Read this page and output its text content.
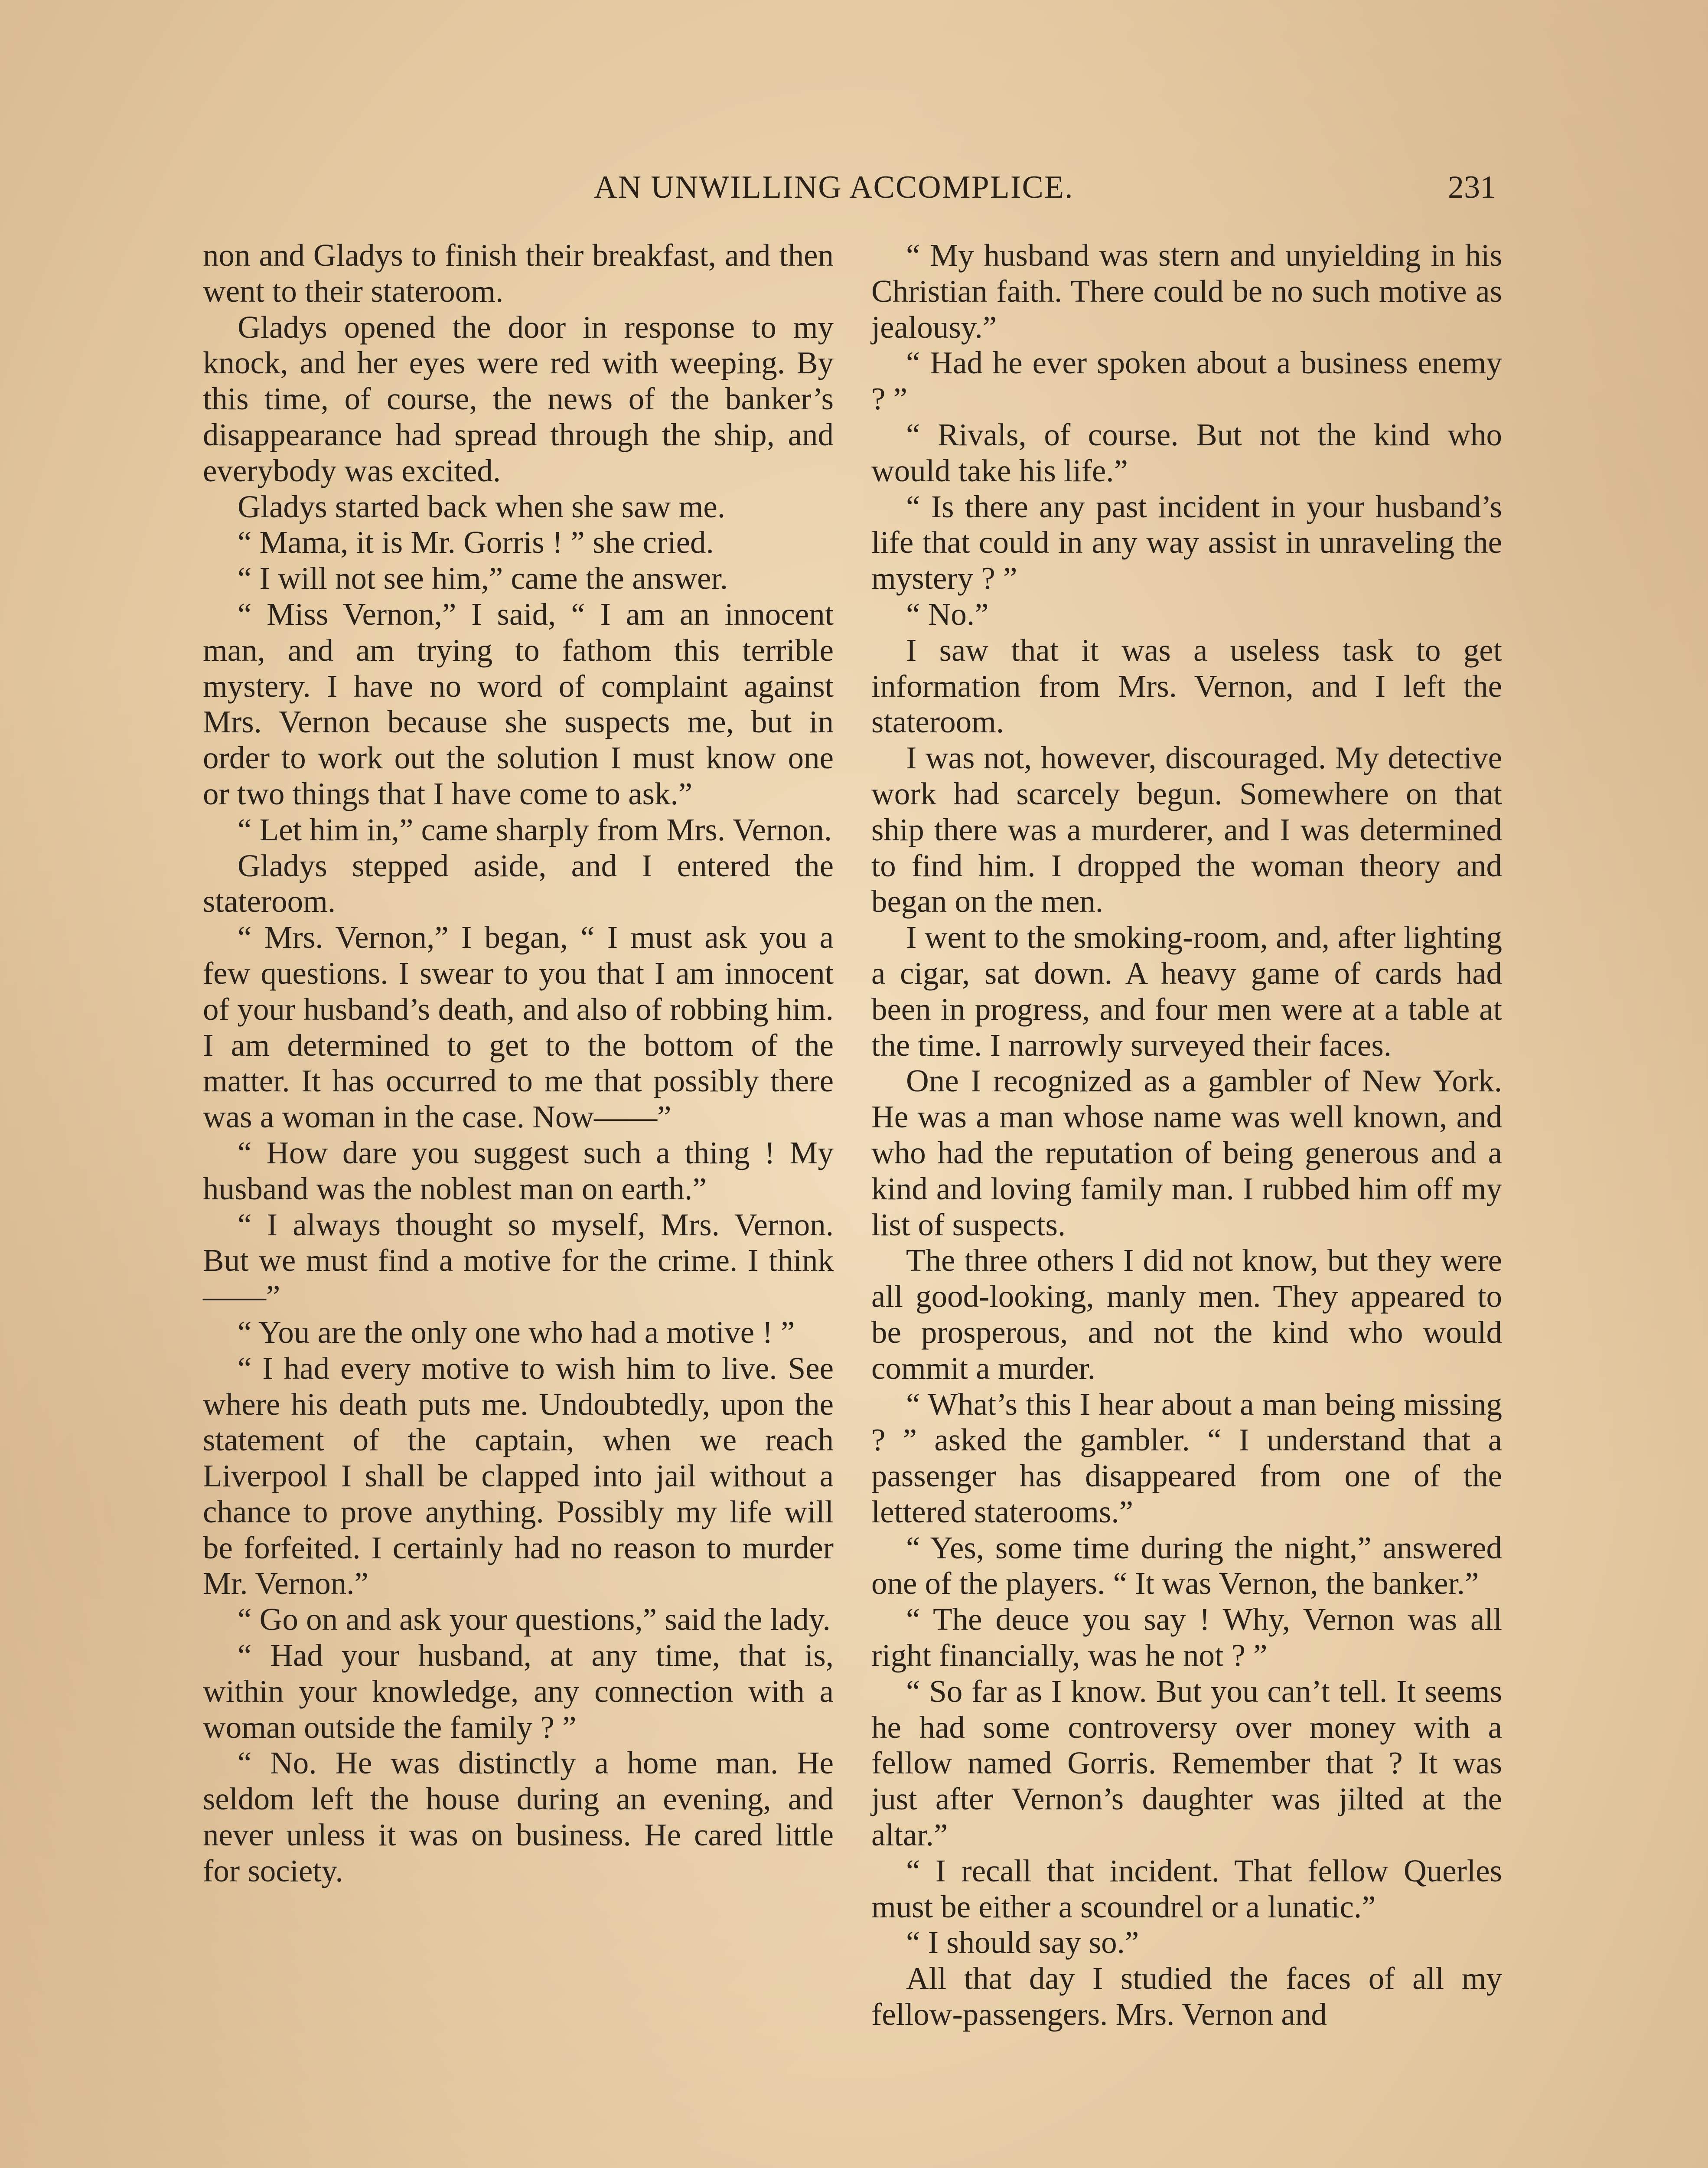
AN UNWILLING ACCOMPLICE.	231

non and Gladys to finish their breakfast, and then went to their stateroom.

Gladys opened the door in response to my knock, and her eyes were red with weeping. By this time, of course, the news of the banker’s disappearance had spread through the ship, and everybody was excited.

Gladys started back when she saw me.

“ Mama, it is Mr. Gorris ! ” she cried.

“ I will not see him,” came the answer.

“ Miss Vernon,” I said, “ I am an innocent man, and am trying to fathom this terrible mystery. I have no word of complaint against Mrs. Vernon because she suspects me, but in order to work out the solution I must know one or two things that I have come to ask.”

“ Let him in,” came sharply from Mrs. Vernon.

Gladys stepped aside, and I entered the stateroom.

“ Mrs. Vernon,” I began, “ I must ask you a few questions. I swear to you that I am innocent of your husband’s death, and also of robbing him. I am determined to get to the bottom of the matter. It has occurred to me that possibly there was a woman in the case. Now——”

“ How dare you suggest such a thing ! My husband was the noblest man on earth.”

“ I always thought so myself, Mrs. Vernon. But we must find a motive for the crime. I think——”

“ You are the only one who had a motive ! ”

“ I had every motive to wish him to live. See where his death puts me. Undoubtedly, upon the statement of the captain, when we reach Liverpool I shall be clapped into jail without a chance to prove anything. Possibly my life will be forfeited. I certainly had no reason to murder Mr. Vernon.”

“ Go on and ask your questions,” said the lady.

“ Had your husband, at any time, that is, within your knowledge, any connection with a woman outside the family ? ”

“ No. He was distinctly a home man. He seldom left the house during an evening, and never unless it was on business. He cared little for society.

“ My husband was stern and unyielding in his Christian faith. There could be no such motive as jealousy.”

“ Had he ever spoken about a business enemy ? ”

“ Rivals, of course. But not the kind who would take his life.”

“ Is there any past incident in your husband’s life that could in any way assist in unraveling the mystery ? ”

“ No.”

I saw that it was a useless task to get information from Mrs. Vernon, and I left the stateroom.

I was not, however, discouraged. My detective work had scarcely begun. Somewhere on that ship there was a murderer, and I was determined to find him. I dropped the woman theory and began on the men.

I went to the smoking-room, and, after lighting a cigar, sat down. A heavy game of cards had been in progress, and four men were at a table at the time. I narrowly surveyed their faces.

One I recognized as a gambler of New York. He was a man whose name was well known, and who had the reputation of being generous and a kind and loving family man. I rubbed him off my list of suspects.

The three others I did not know, but they were all good-looking, manly men. They appeared to be prosperous, and not the kind who would commit a murder.

“ What’s this I hear about a man being missing ? ” asked the gambler. “ I understand that a passenger has disappeared from one of the lettered staterooms.”

“ Yes, some time during the night,” answered one of the players. “ It was Vernon, the banker.”

“ The deuce you say ! Why, Vernon was all right financially, was he not ? ”

“ So far as I know. But you can’t tell. It seems he had some controversy over money with a fellow named Gorris. Remember that ? It was just after Vernon’s daughter was jilted at the altar.”

“ I recall that incident. That fellow Querles must be either a scoundrel or a lunatic.”

“ I should say so.”

All that day I studied the faces of all my fellow-passengers. Mrs. Vernon and
